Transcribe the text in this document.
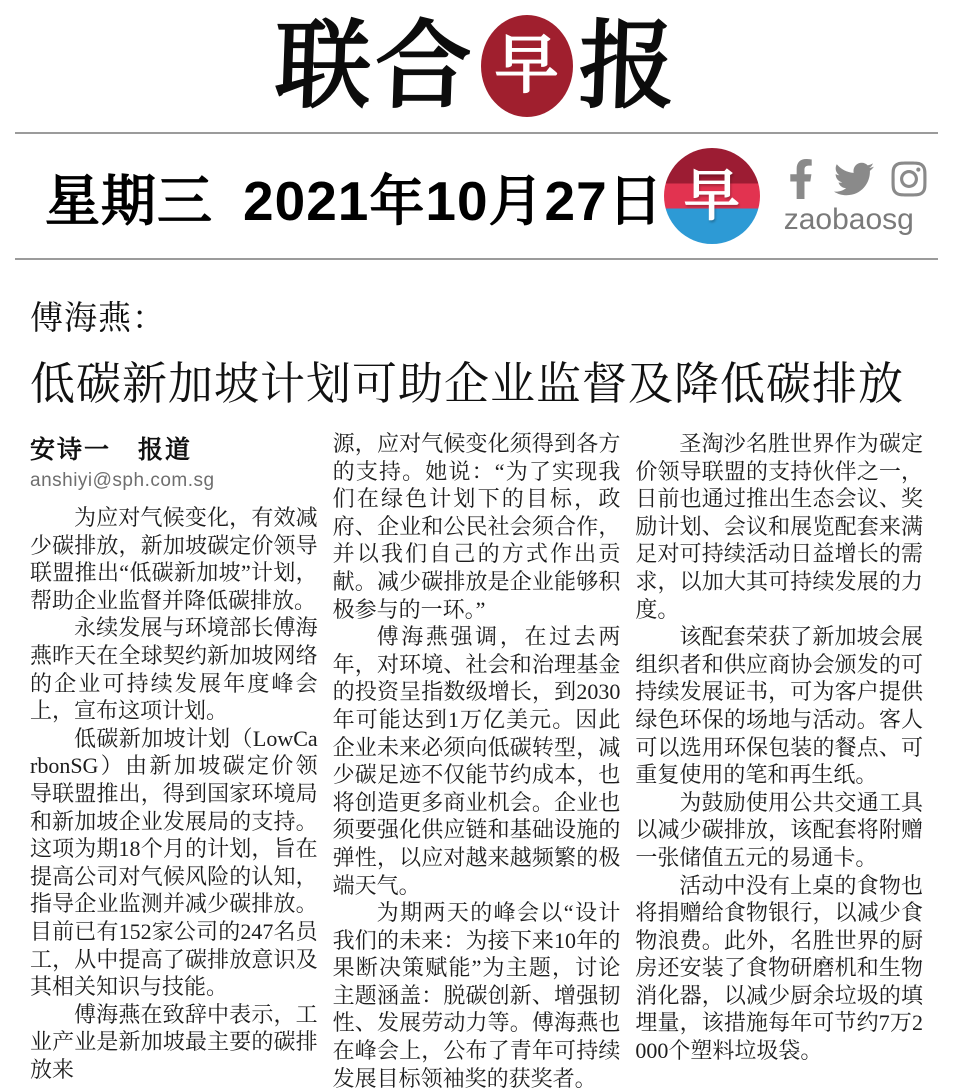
联合 早 报
星期三 2021年10月27日 早 zaobaosg
傅海燕：
低碳新加坡计划可助企业监督及降低碳排放
安诗一　报道
anshiyi@sph.com.sg

为应对气候变化，有效减少碳排放，新加坡碳定价领导联盟推出“低碳新加坡”计划，帮助企业监督并降低碳排放。

永续发展与环境部长傅海燕昨天在全球契约新加坡网络的企业可持续发展年度峰会上，宣布这项计划。

低碳新加坡计划（LowCarbonSG）由新加坡碳定价领导联盟推出，得到国家环境局和新加坡企业发展局的支持。这项为期18个月的计划，旨在提高公司对气候风险的认知，指导企业监测并减少碳排放。目前已有152家公司的247名员工，从中提高了碳排放意识及其相关知识与技能。

傅海燕在致辞中表示，工业产业是新加坡最主要的碳排放来

源，应对气候变化须得到各方的支持。她说：“为了实现我们在绿色计划下的目标，政府、企业和公民社会须合作，并以我们自己的方式作出贡献。减少碳排放是企业能够积极参与的一环。”

傅海燕强调，在过去两年，对环境、社会和治理基金的投资呈指数级增长，到2030年可能达到1万亿美元。因此企业未来必须向低碳转型，减少碳足迹不仅能节约成本，也将创造更多商业机会。企业也须要强化供应链和基础设施的弹性，以应对越来越频繁的极端天气。

为期两天的峰会以“设计我们的未来：为接下来10年的果断决策赋能”为主题，讨论主题涵盖：脱碳创新、增强韧性、发展劳动力等。傅海燕也在峰会上，公布了青年可持续发展目标领袖奖的获奖者。

圣淘沙名胜世界作为碳定价领导联盟的支持伙伴之一，日前也通过推出生态会议、奖励计划、会议和展览配套来满足对可持续活动日益增长的需求，以加大其可持续发展的力度。

该配套荣获了新加坡会展组织者和供应商协会颁发的可持续发展证书，可为客户提供绿色环保的场地与活动。客人可以选用环保包装的餐点、可重复使用的笔和再生纸。

为鼓励使用公共交通工具以减少碳排放，该配套将附赠一张储值五元的易通卡。

活动中没有上桌的食物也将捐赠给食物银行，以减少食物浪费。此外，名胜世界的厨房还安装了食物研磨机和生物消化器，以减少厨余垃圾的填埋量，该措施每年可节约7万2000个塑料垃圾袋。
